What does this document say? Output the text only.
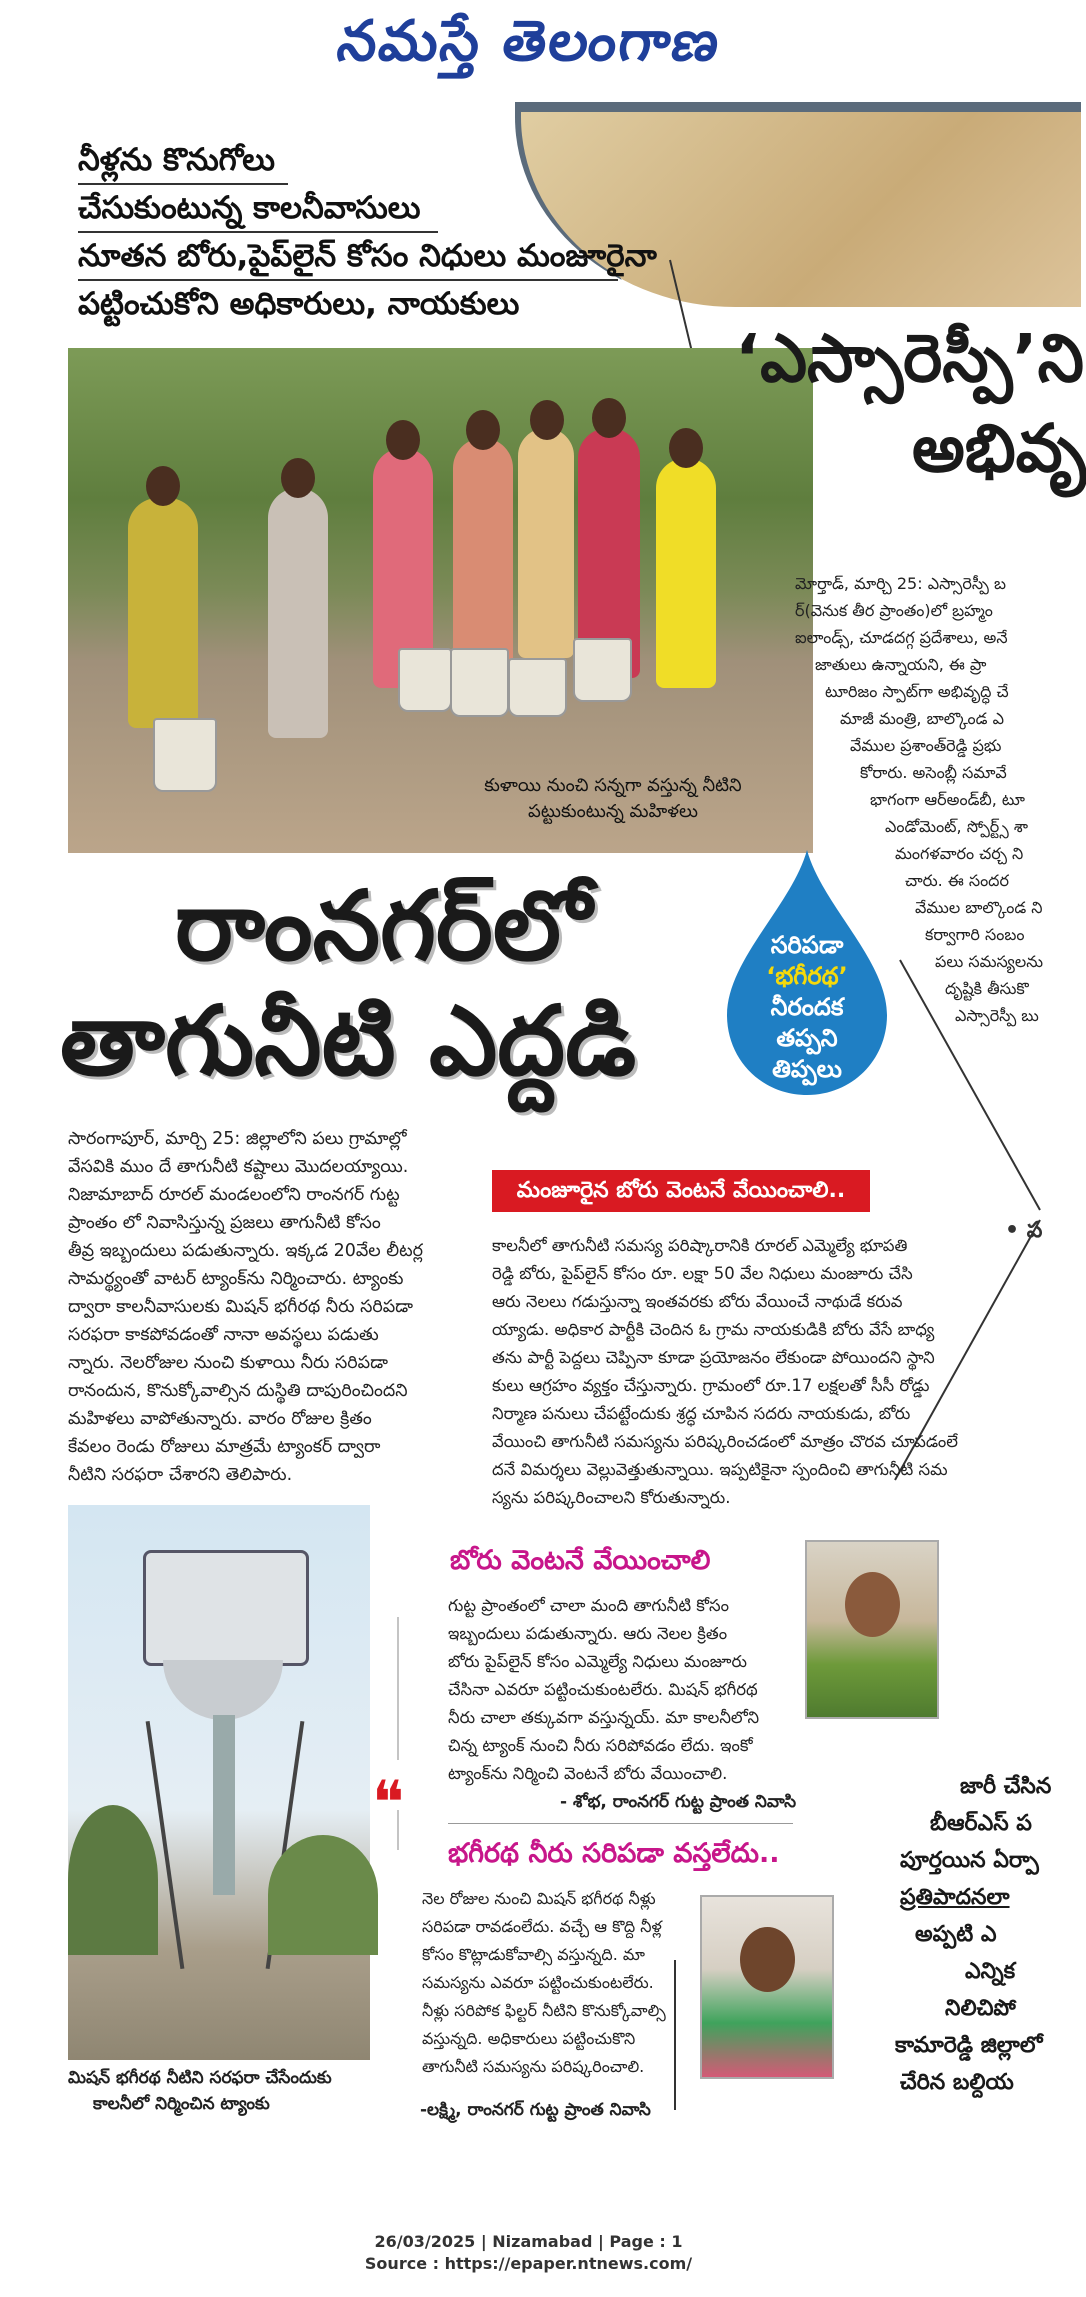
నమస్తే తెలంగాణ
నీళ్లను కొనుగోలు
చేసుకుంటున్న కాలనీవాసులు
నూతన బోరు,పైప్‌లైన్ కోసం నిధులు మంజూరైనా
పట్టించుకోని అధికారులు, నాయకులు
కుళాయి నుంచి సన్నగా వస్తున్న నీటిని
పట్టుకుంటున్న మహిళలు
రాంనగర్‌లో
తాగునీటి ఎద్దడి
సరిపడా
‘భగీరథ’
నీరందక
తప్పని
తిప్పలు
సారంగాపూర్, మార్చి 25: జిల్లాలోని పలు గ్రామాల్లో
వేసవికి ముం దే తాగునీటి కష్టాలు మొదలయ్యాయి.
నిజామాబాద్ రూరల్ మండలంలోని రాంనగర్ గుట్ట
ప్రాంతం లో నివాసిస్తున్న ప్రజలు తాగునీటి కోసం
తీవ్ర ఇబ్బందులు పడుతున్నారు. ఇక్కడ 20వేల లీటర్ల
సామర్థ్యంతో వాటర్ ట్యాంక్‌ను నిర్మించారు. ట్యాంకు
ద్వారా కాలనీవాసులకు మిషన్ భగీరథ నీరు సరిపడా
సరఫరా కాకపోవడంతో నానా అవస్థలు పడుతు
న్నారు. నెలరోజుల నుంచి కుళాయి నీరు సరిపడా
రానందున, కొనుక్కోవాల్సిన దుస్థితి దాపురించిందని
మహిళలు వాపోతున్నారు. వారం రోజుల క్రితం
కేవలం రెండు రోజులు మాత్రమే ట్యాంకర్ ద్వారా
నీటిని సరఫరా చేశారని తెలిపారు.
మంజూరైన బోరు వెంటనే వేయించాలి..
కాలనీలో తాగునీటి సమస్య పరిష్కారానికి రూరల్ ఎమ్మెల్యే భూపతి
రెడ్డి బోరు, పైప్‌లైన్ కోసం రూ. లక్షా 50 వేల నిధులు మంజూరు చేసి
ఆరు నెలలు గడుస్తున్నా ఇంతవరకు బోరు వేయించే నాథుడే కరువ
య్యాడు. అధికార పార్టీకి చెందిన ఓ గ్రామ నాయకుడికి బోరు వేసే బాధ్య
తను పార్టీ పెద్దలు చెప్పినా కూడా ప్రయోజనం లేకుండా పోయిందని స్థాని
కులు ఆగ్రహం వ్యక్తం చేస్తున్నారు. గ్రామంలో రూ.17 లక్షలతో సీసీ రోడ్డు
నిర్మాణ పనులు చేపట్టేందుకు శ్రద్ధ చూపిన సదరు నాయకుడు, బోరు
వేయించి తాగునీటి సమస్యను పరిష్కరించడంలో మాత్రం చొరవ చూపడంలే
దనే విమర్శలు వెల్లువెత్తుతున్నాయి. ఇప్పటికైనా స్పందించి తాగునీటి సమ
స్యను పరిష్కరించాలని కోరుతున్నారు.
మిషన్ భగీరథ నీటిని సరఫరా చేసేందుకు
కాలనీలో నిర్మించిన ట్యాంకు
❝
బోరు వెంటనే వేయించాలి
గుట్ట ప్రాంతంలో చాలా మంది తాగునీటి కోసం
ఇబ్బందులు పడుతున్నారు. ఆరు నెలల క్రితం
బోరు పైప్‌లైన్ కోసం ఎమ్మెల్యే నిధులు మంజూరు
చేసినా ఎవరూ పట్టించుకుంటలేరు. మిషన్ భగీరథ
నీరు చాలా తక్కువగా వస్తున్నయ్. మా కాలనీలోని
చిన్న ట్యాంక్ నుంచి నీరు సరిపోవడం లేదు. ఇంకో
ట్యాంక్‌ను నిర్మించి వెంటనే బోరు వేయించాలి.
- శోభ, రాంనగర్ గుట్ట ప్రాంత నివాసి
భగీరథ నీరు సరిపడా వస్తలేదు..
నెల రోజుల నుంచి మిషన్ భగీరథ నీళ్లు
సరిపడా రావడంలేదు. వచ్చే ఆ కొద్ది నీళ్ల
కోసం కొట్లాడుకోవాల్సి వస్తున్నది. మా
సమస్యను ఎవరూ పట్టించుకుంటలేరు.
నీళ్లు సరిపోక ఫిల్టర్ నీటిని కొనుక్కోవాల్సి
వస్తున్నది. అధికారులు పట్టించుకొని
తాగునీటి సమస్యను పరిష్కరించాలి.
-లక్ష్మి, రాంనగర్ గుట్ట ప్రాంత నివాసి
‘ఎస్సారెస్పీ’ని
అభివృ
మోర్తాడ్, మార్చి 25: ఎస్సారెస్పీ బ
ర్(వెనుక తీర ప్రాంతం)లో బ్రహ్మం
ఐలాండ్స్, చూడదగ్గ ప్రదేశాలు, అనే
జాతులు ఉన్నాయని, ఈ ప్రా
టూరిజం స్పాట్‌గా అభివృద్ధి చే
మాజీ మంత్రి, బాల్కొండ ఎ
వేముల ప్రశాంత్‌రెడ్డి ప్రభు
కోరారు. అసెంబ్లీ సమావే
భాగంగా ఆర్అండ్‌బీ, టూ
ఎండోమెంట్, స్పోర్ట్స్ శా
మంగళవారం చర్చ ని
చారు. ఈ సందర
వేముల బాల్కొండ ని
కర్వాగారి సంబం
పలు సమస్యలను
దృష్టికి తీసుకొ
ఎస్సారెస్పీ బు
• ప
జారీ చేసిన
బీఆర్ఎస్ ప
పూర్తయిన ఏర్పా
ప్రతిపాదనలా
అప్పటి ఎ
ఎన్నిక
నిలిచిపో
కామారెడ్డి జిల్లాలో
చేరిన బల్దియ
26/03/2025 | Nizamabad | Page : 1
Source : https://epaper.ntnews.com/
